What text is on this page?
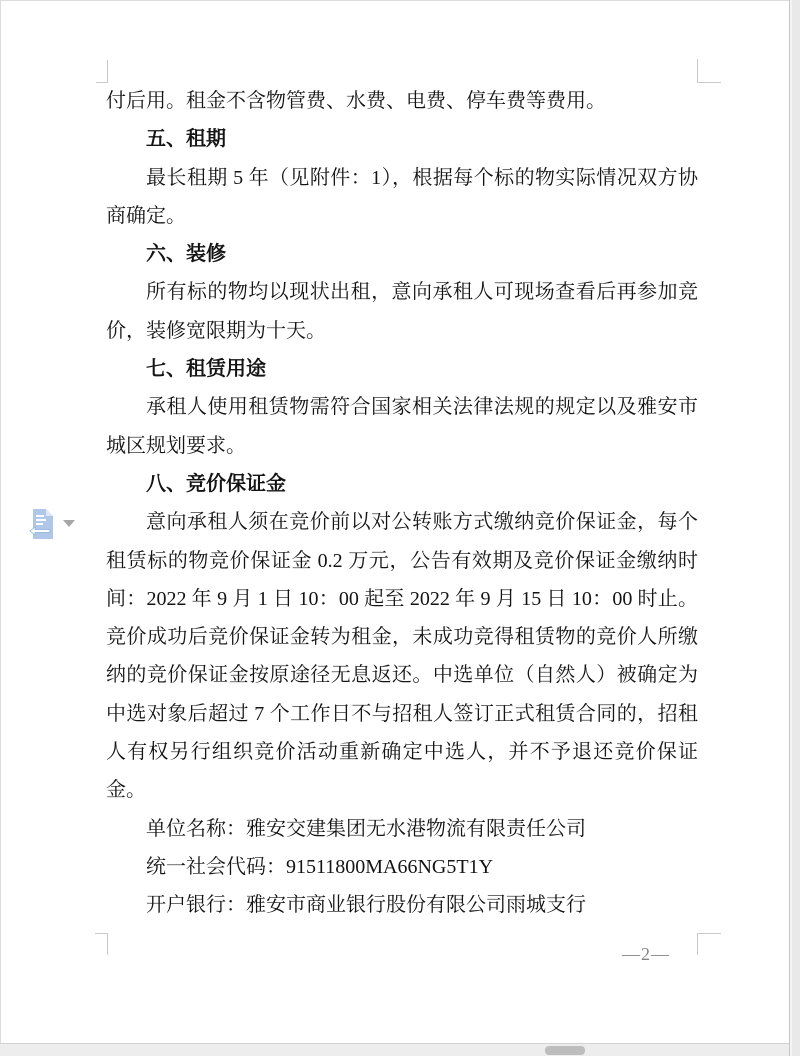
付后用。租金不含物管费、水费、电费、停车费等费用。

五、租期

最长租期 5 年（见附件：1），根据每个标的物实际情况双方协商确定。

六、装修

所有标的物均以现状出租，意向承租人可现场查看后再参加竞价，装修宽限期为十天。

七、租赁用途

承租人使用租赁物需符合国家相关法律法规的规定以及雅安市城区规划要求。

八、竞价保证金

意向承租人须在竞价前以对公转账方式缴纳竞价保证金，每个租赁标的物竞价保证金 0.2 万元，公告有效期及竞价保证金缴纳时间：2022 年 9 月 1 日 10：00 起至 2022 年 9 月 15 日 10：00 时止。竞价成功后竞价保证金转为租金，未成功竞得租赁物的竞价人所缴纳的竞价保证金按原途径无息返还。中选单位（自然人）被确定为中选对象后超过 7 个工作日不与招租人签订正式租赁合同的，招租人有权另行组织竞价活动重新确定中选人，并不予退还竞价保证金。

单位名称：雅安交建集团无水港物流有限责任公司

统一社会代码：91511800MA66NG5T1Y

开户银行：雅安市商业银行股份有限公司雨城支行

—2—
